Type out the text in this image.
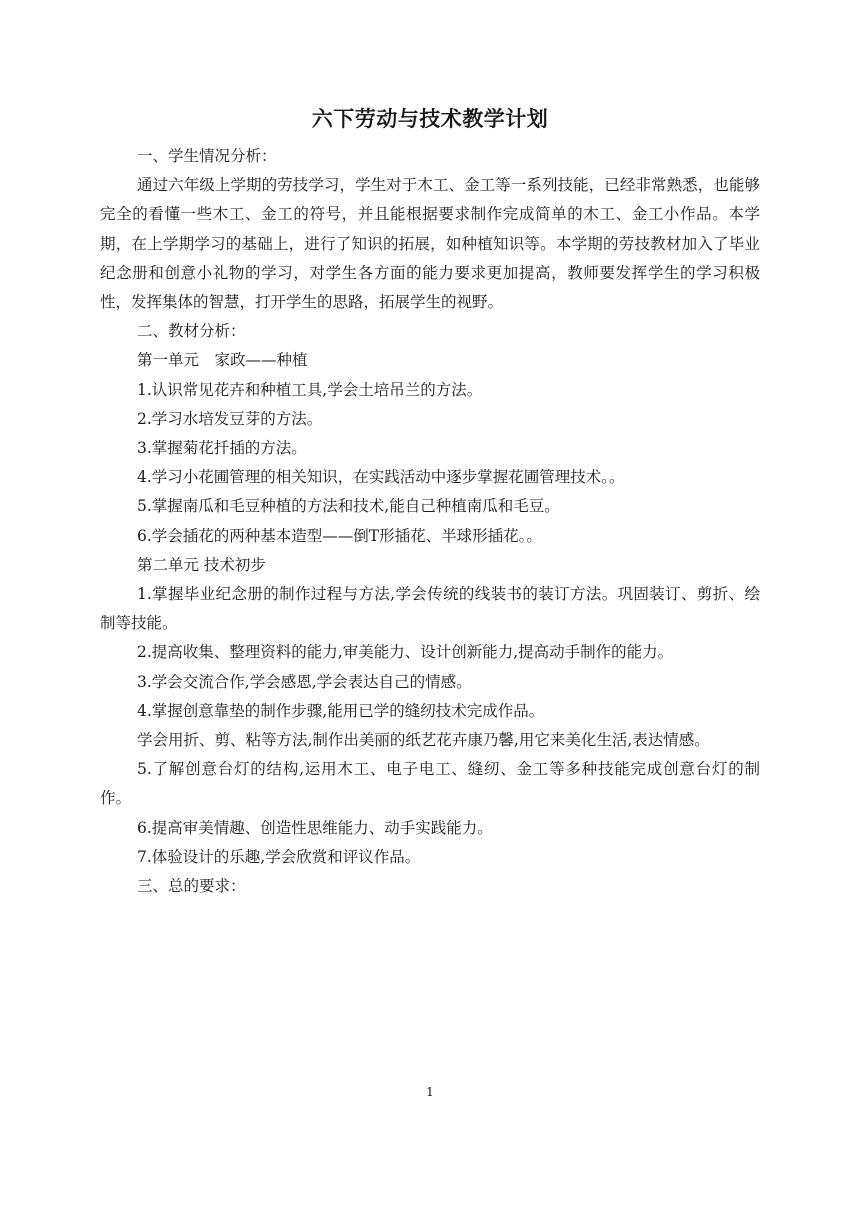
六下劳动与技术教学计划

一、学生情况分析：

通过六年级上学期的劳技学习，学生对于木工、金工等一系列技能，已经非常熟悉，也能够完全的看懂一些木工、金工的符号，并且能根据要求制作完成简单的木工、金工小作品。本学期，在上学期学习的基础上，进行了知识的拓展，如种植知识等。本学期的劳技教材加入了毕业纪念册和创意小礼物的学习，对学生各方面的能力要求更加提高，教师要发挥学生的学习积极性，发挥集体的智慧，打开学生的思路，拓展学生的视野。

二、教材分析：

第一单元　家政——种植

1.认识常见花卉和种植工具,学会土培吊兰的方法。

2.学习水培发豆芽的方法。

3.掌握菊花扦插的方法。

4.学习小花圃管理的相关知识，在实践活动中逐步掌握花圃管理技术。。

5.掌握南瓜和毛豆种植的方法和技术,能自己种植南瓜和毛豆。

6.学会插花的两种基本造型——倒T形插花、半球形插花。。

第二单元 技术初步

1.掌握毕业纪念册的制作过程与方法,学会传统的线装书的装订方法。巩固装订、剪折、绘制等技能。

2.提高收集、整理资料的能力,审美能力、设计创新能力,提高动手制作的能力。

3.学会交流合作,学会感恩,学会表达自己的情感。

4.掌握创意靠垫的制作步骤,能用已学的缝纫技术完成作品。

学会用折、剪、粘等方法,制作出美丽的纸艺花卉康乃馨,用它来美化生活,表达情感。

5.了解创意台灯的结构,运用木工、电子电工、缝纫、金工等多种技能完成创意台灯的制作。

6.提高审美情趣、创造性思维能力、动手实践能力。

7.体验设计的乐趣,学会欣赏和评议作品。

三、总的要求：

1
